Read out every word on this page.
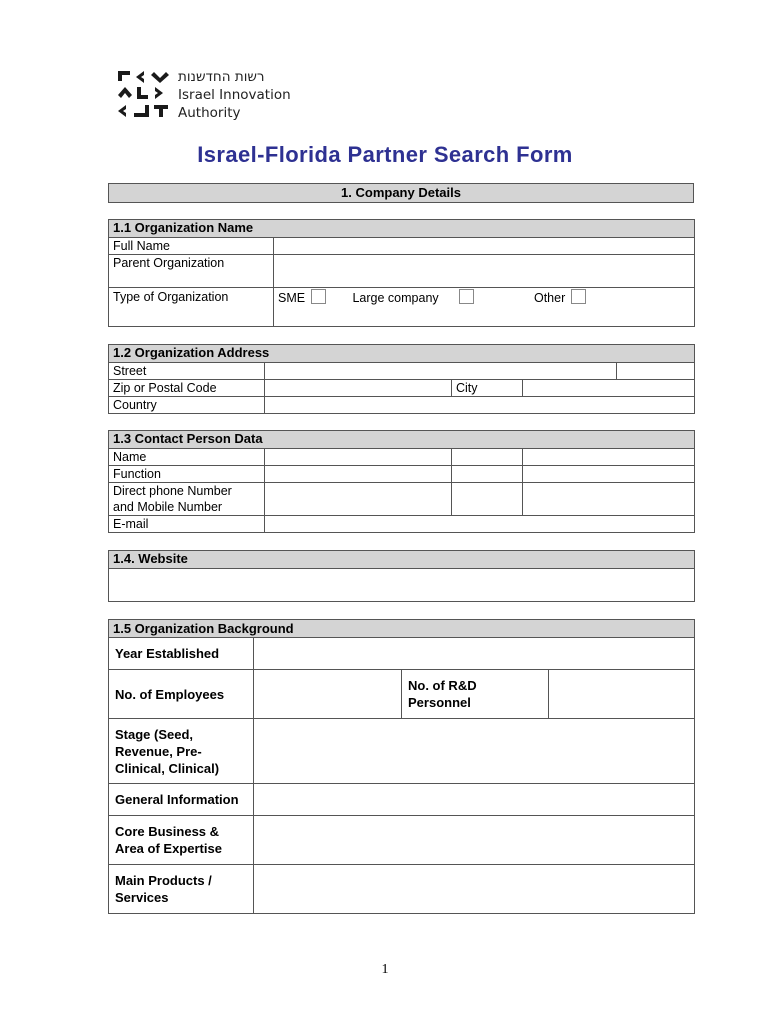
רשות החדשנות
Israel Innovation
Authority
Israel-Florida Partner Search Form
1. Company Details
1.1 Organization Name	
Full Name	
Parent Organization	
Type of Organization	SME Large company Other
1.2 Organization Address				
Street				
Zip or Postal Code		City		
Country				
1.3 Contact Person Data			
Name			
Function			

Direct phone Number
and Mobile Number			

E-mail			
1.4. Website

1.5 Organization Background			
Year Established			
No. of Employees		No. of R&D
Personnel	

Stage (Seed,
Revenue, Pre-
Clinical, Clinical)			

General Information			

Core Business &
Area of Expertise			

Main Products /
Services			

1
